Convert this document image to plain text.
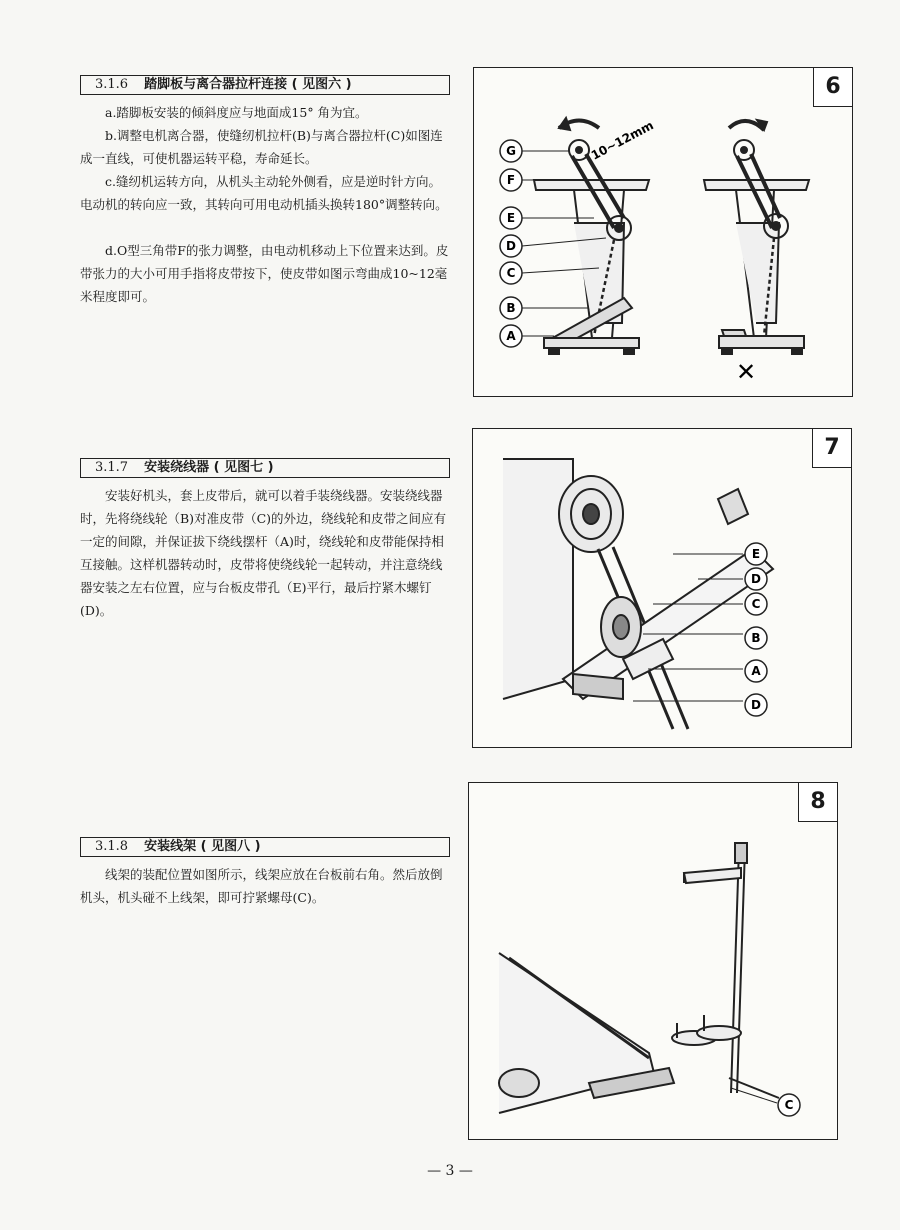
3.1.6 踏脚板与离合器拉杆连接 ( 见图六 )

a.踏脚板安装的倾斜度应与地面成15° 角为宜。

b.调整电机离合器，使缝纫机拉杆(B)与离合器拉杆(C)如图连成一直线，可使机器运转平稳，寿命延长。

c.缝纫机运转方向，从机头主动轮外侧看，应是逆时针方向。电动机的转向应一致，其转向可用电动机插头换转180°调整转向。

d.O型三角带F的张力调整，由电动机移动上下位置来达到。皮带张力的大小可用手指将皮带按下，使皮带如图示弯曲成10~12毫米程度即可。

10~12mm
✕
G
F
E
D
C
B
A
6
3.1.7 安装绕线器 ( 见图七 )

安装好机头，套上皮带后，就可以着手装绕线器。安装绕线器时，先将绕线轮（B)对准皮带（C)的外边，绕线轮和皮带之间应有一定的间隙，并保证拔下绕线摆杆（A)时，绕线轮和皮带能保持相互接触。这样机器转动时，皮带将使绕线轮一起转动，并注意绕线器安装之左右位置，应与台板皮带孔（E)平行，最后拧紧木螺钉(D)。

E
D
C
B
A
D
7
3.1.8 安装线架 ( 见图八 )

线架的装配位置如图所示，线架应放在台板前右角。然后放倒机头，机头碰不上线架，即可拧紧螺母(C)。

C
8
— 3 —
